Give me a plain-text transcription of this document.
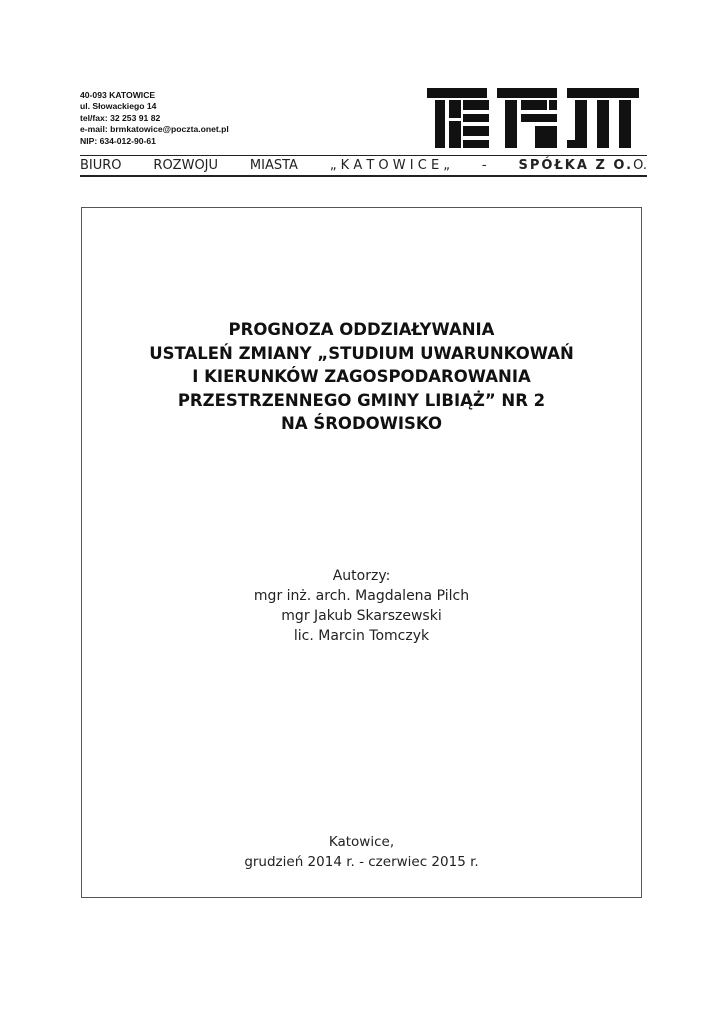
40-093 KATOWICE
ul. Słowackiego 14
tel/fax: 32 253 91 82
e-mail: brmkatowice@poczta.onet.pl
NIP: 634-012-90-61
BIURO ROZWOJU MIASTA „ K A T O W I C E „ - SPÓŁKA Z O.O.
PROGNOZA ODDZIAŁYWANIA
USTALEŃ ZMIANY „STUDIUM UWARUNKOWAŃ
I KIERUNKÓW ZAGOSPODAROWANIA
PRZESTRZENNEGO GMINY LIBIĄŻ” NR 2
NA ŚRODOWISKO
Autorzy:
mgr inż. arch. Magdalena Pilch
mgr Jakub Skarszewski
lic. Marcin Tomczyk
Katowice,
grudzień 2014 r. - czerwiec 2015 r.
